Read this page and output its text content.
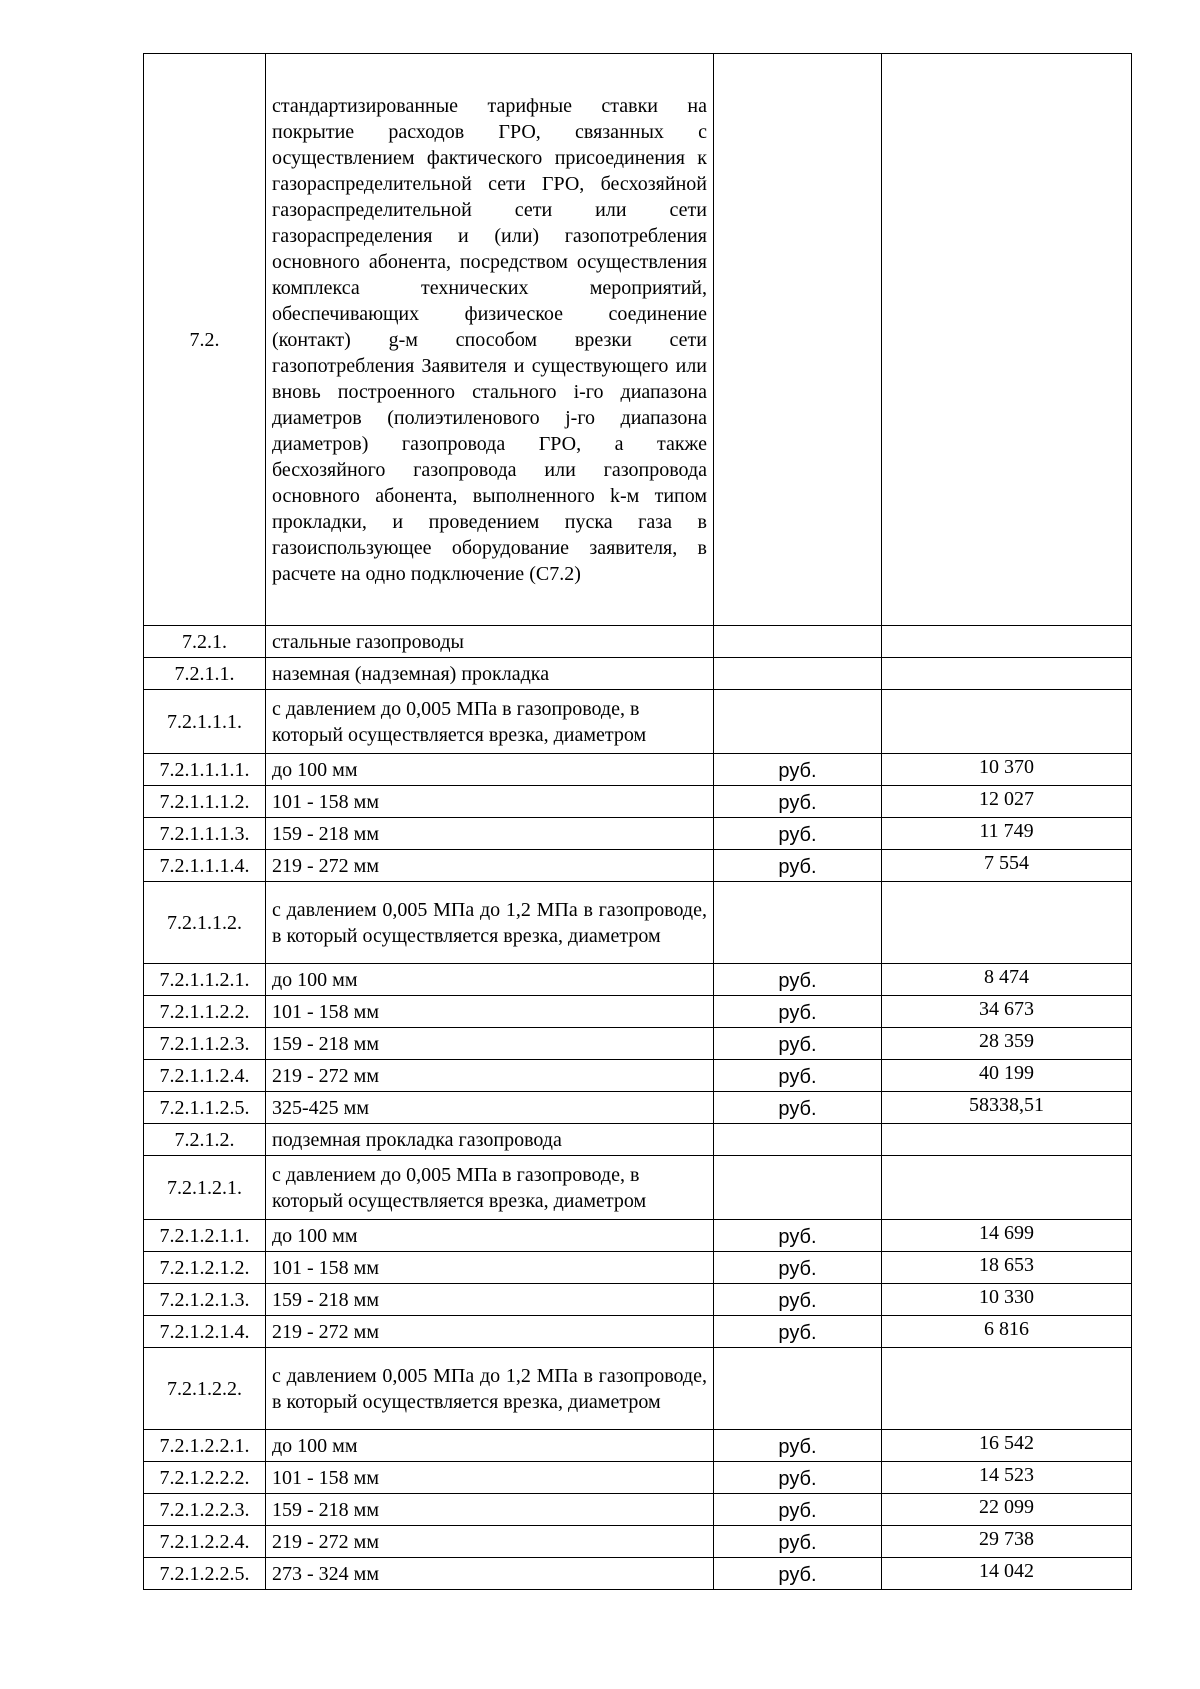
7.2.	стандартизированные тарифные ставки на покрытие расходов ГРО, связанных с осуществлением фактического присоединения к газораспределительной сети ГРО, бесхозяйной газораспределительной сети или сети газораспределения и (или) газопотребления основного абонента, посредством осуществления комплекса технических мероприятий, обеспечивающих физическое соединение (контакт) g-м способом врезки сети газопотребления Заявителя и существующего или вновь построенного стального i-го диапазона диаметров (полиэтиленового j-го диапазона диаметров) газопровода ГРО, а также бесхозяйного газопровода или газопровода основного абонента, выполненного k-м типом прокладки, и проведением пуска газа в газоиспользующее оборудование заявителя, в расчете на одно подключение (С7.2)		
7.2.1.	стальные газопроводы		
7.2.1.1.	наземная (надземная) прокладка		
7.2.1.1.1.	с давлением до 0,005 МПа в газопроводе, в который осуществляется врезка, диаметром		
7.2.1.1.1.1.	до 100 мм	руб.	10 370
7.2.1.1.1.2.	101 - 158 мм	руб.	12 027
7.2.1.1.1.3.	159 - 218 мм	руб.	11 749
7.2.1.1.1.4.	219 - 272 мм	руб.	7 554
7.2.1.1.2.	с давлением 0,005 МПа до 1,2 МПа в газопроводе, в который осуществляется врезка, диаметром		
7.2.1.1.2.1.	до 100 мм	руб.	8 474
7.2.1.1.2.2.	101 - 158 мм	руб.	34 673
7.2.1.1.2.3.	159 - 218 мм	руб.	28 359
7.2.1.1.2.4.	219 - 272 мм	руб.	40 199
7.2.1.1.2.5.	325-425 мм	руб.	58338,51
7.2.1.2.	подземная прокладка газопровода		
7.2.1.2.1.	с давлением до 0,005 МПа в газопроводе, в который осуществляется врезка, диаметром		
7.2.1.2.1.1.	до 100 мм	руб.	14 699
7.2.1.2.1.2.	101 - 158 мм	руб.	18 653
7.2.1.2.1.3.	159 - 218 мм	руб.	10 330
7.2.1.2.1.4.	219 - 272 мм	руб.	6 816
7.2.1.2.2.	с давлением 0,005 МПа до 1,2 МПа в газопроводе, в который осуществляется врезка, диаметром		
7.2.1.2.2.1.	до 100 мм	руб.	16 542
7.2.1.2.2.2.	101 - 158 мм	руб.	14 523
7.2.1.2.2.3.	159 - 218 мм	руб.	22 099
7.2.1.2.2.4.	219 - 272 мм	руб.	29 738
7.2.1.2.2.5.	273 - 324 мм	руб.	14 042
